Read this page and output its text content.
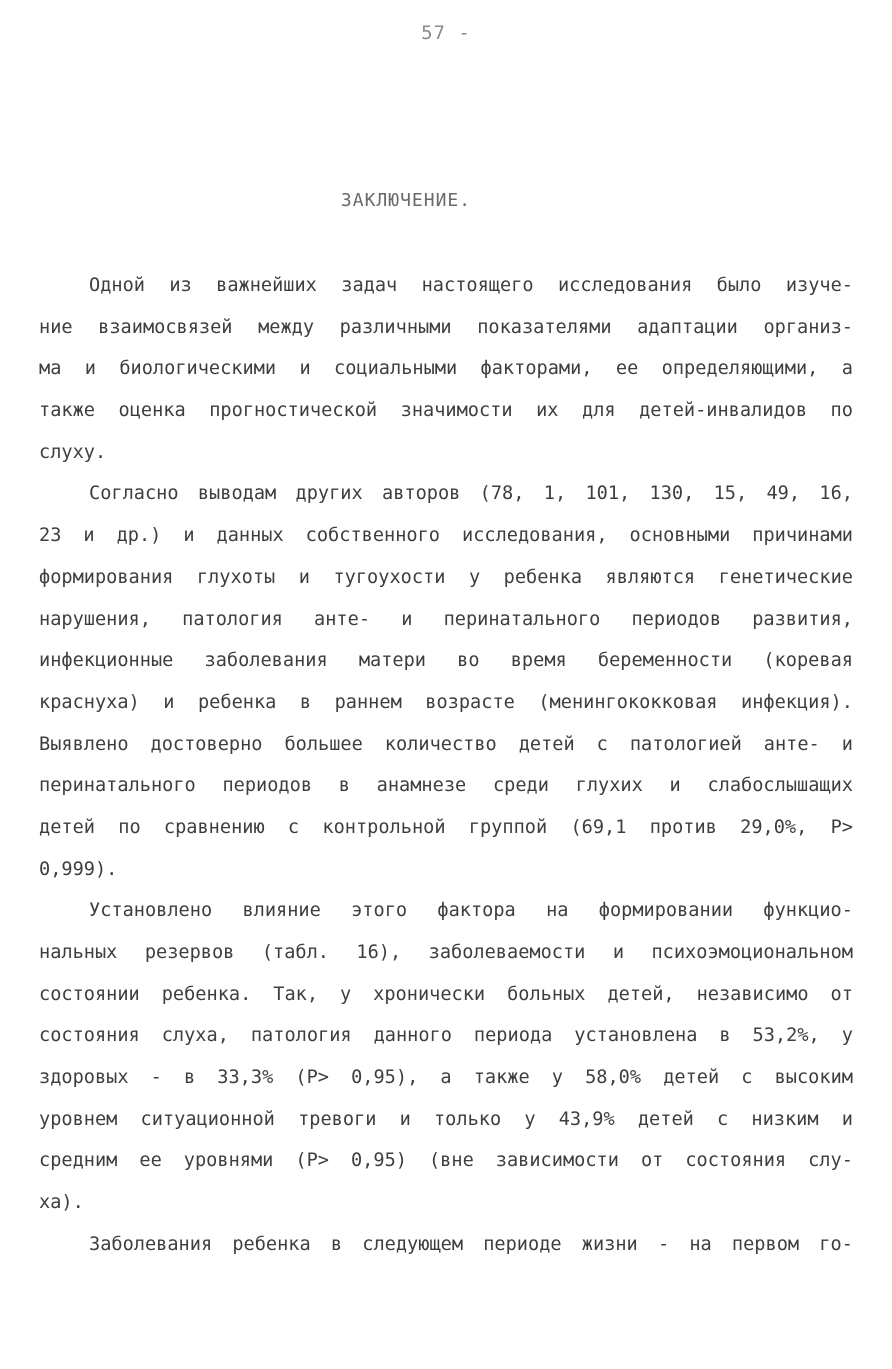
57 -
ЗАКЛЮЧЕНИЕ.
Одной из важнейших задач настоящего исследования было изуче-
ние взаимосвязей между различными показателями адаптации организ-
ма и биологическими и социальными факторами, ее определяющими, а
также оценка прогностической значимости их для детей-инвалидов по
слуху.
Согласно выводам других авторов (78, 1, 101, 130, 15, 49, 16,
23 и др.) и данных собственного исследования, основными причинами
формирования глухоты и тугоухости у ребенка являются генетические
нарушения, патология анте- и перинатального периодов развития,
инфекционные заболевания матери во время беременности (коревая
краснуха) и ребенка в раннем возрасте (менингококковая инфекция).
Выявлено достоверно большее количество детей с патологией анте- и
перинатального периодов в анамнезе среди глухих и слабослышащих
детей по сравнению с контрольной группой (69,1 против 29,0%, Р>
0,999).
Установлено влияние этого фактора на формировании функцио-
нальных резервов (табл. 16), заболеваемости и психоэмоциональном
состоянии ребенка. Так, у хронически больных детей, независимо от
состояния слуха, патология данного периода установлена в 53,2%, у
здоровых - в 33,3% (Р> 0,95), а также у 58,0% детей с высоким
уровнем ситуационной тревоги и только у 43,9% детей с низким и
средним ее уровнями (Р> 0,95) (вне зависимости от состояния слу-
ха).
Заболевания ребенка в следующем периоде жизни - на первом го-
